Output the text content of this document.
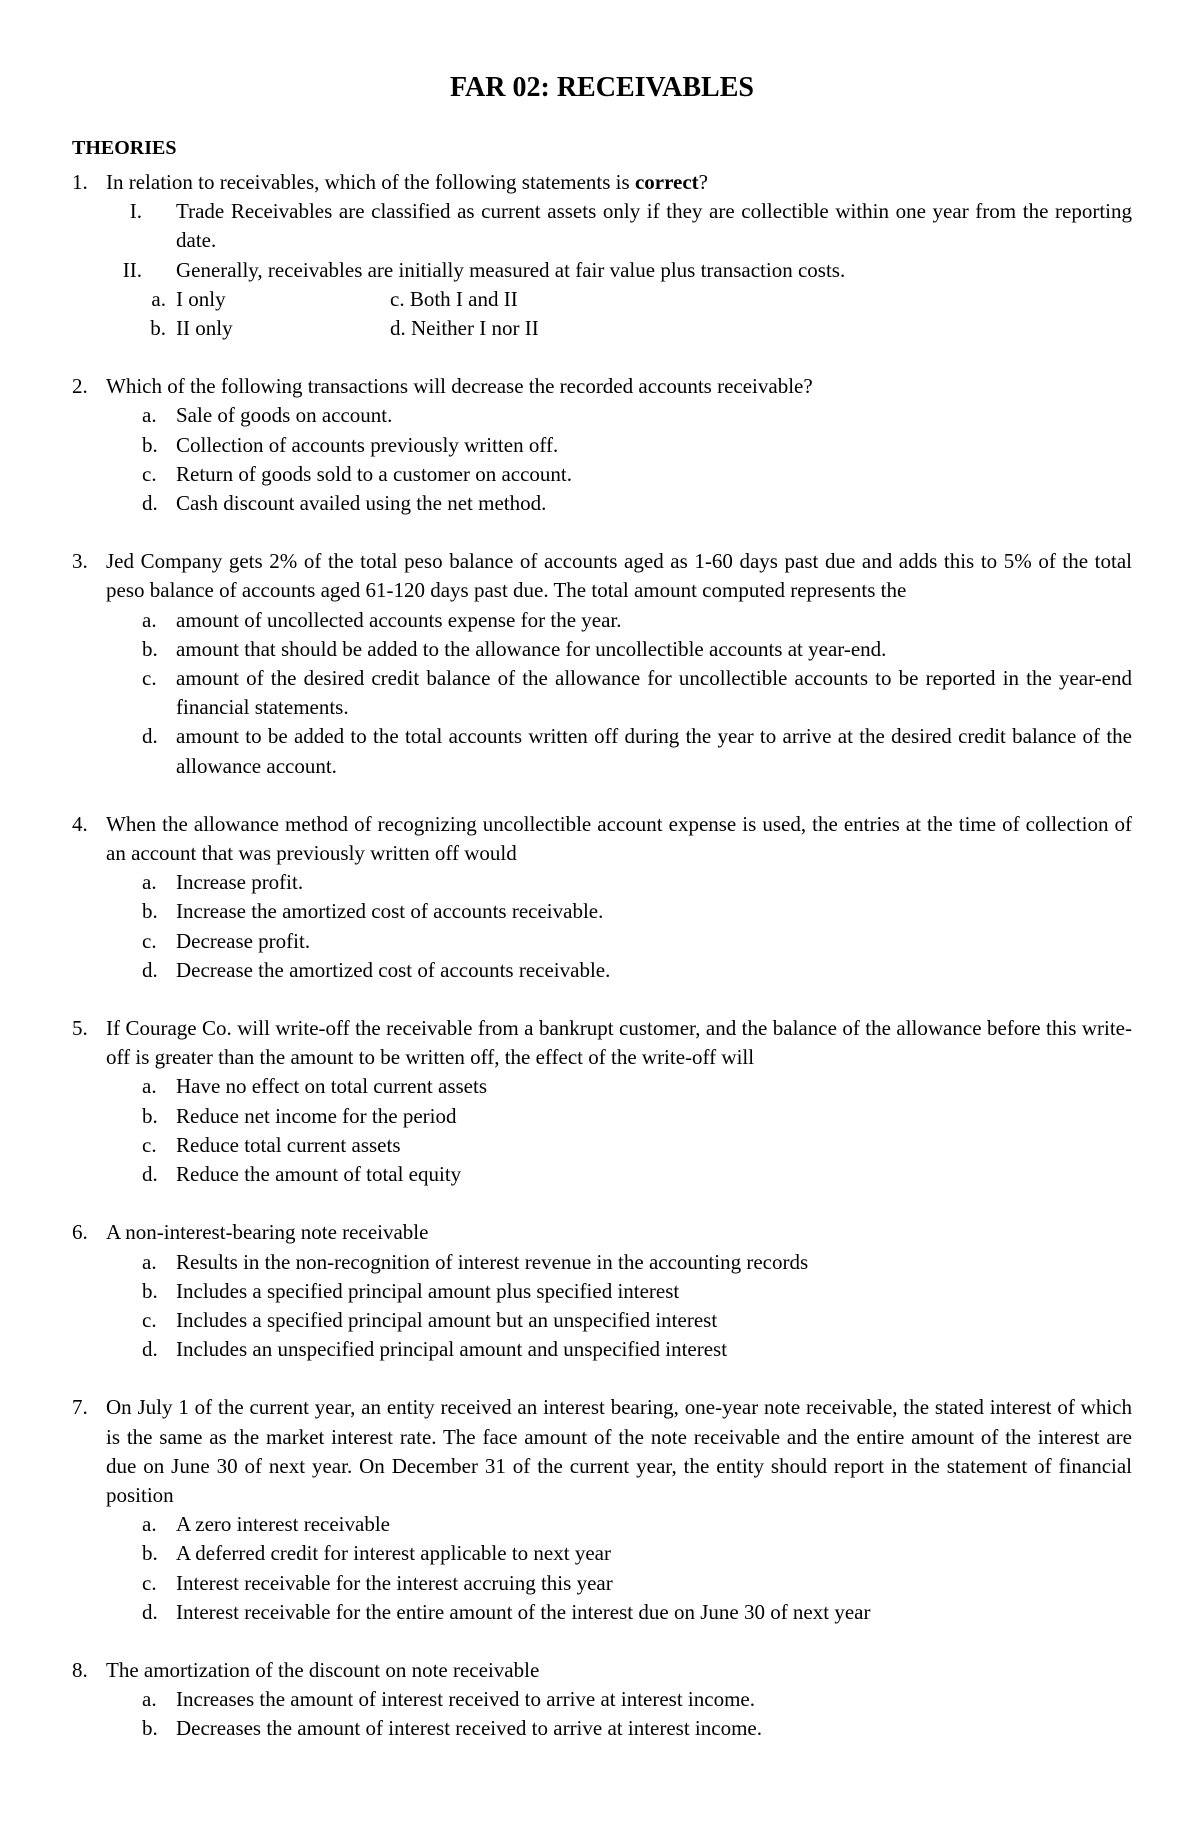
FAR 02: RECEIVABLES
THEORIES
1. In relation to receivables, which of the following statements is correct?
I.	Trade Receivables are classified as current assets only if they are collectible within one year from the reporting date.
II.	Generally, receivables are initially measured at fair value plus transaction costs.
a. I only	c. Both I and II
b. II only	d. Neither I nor II
2. Which of the following transactions will decrease the recorded accounts receivable?
a. Sale of goods on account.
b. Collection of accounts previously written off.
c. Return of goods sold to a customer on account.
d. Cash discount availed using the net method.
3. Jed Company gets 2% of the total peso balance of accounts aged as 1-60 days past due and adds this to 5% of the total peso balance of accounts aged 61-120 days past due. The total amount computed represents the
a. amount of uncollected accounts expense for the year.
b. amount that should be added to the allowance for uncollectible accounts at year-end.
c. amount of the desired credit balance of the allowance for uncollectible accounts to be reported in the year-end financial statements.
d. amount to be added to the total accounts written off during the year to arrive at the desired credit balance of the allowance account.
4. When the allowance method of recognizing uncollectible account expense is used, the entries at the time of collection of an account that was previously written off would
a. Increase profit.
b. Increase the amortized cost of accounts receivable.
c. Decrease profit.
d. Decrease the amortized cost of accounts receivable.
5. If Courage Co. will write-off the receivable from a bankrupt customer, and the balance of the allowance before this write-off is greater than the amount to be written off, the effect of the write-off will
a. Have no effect on total current assets
b. Reduce net income for the period
c. Reduce total current assets
d. Reduce the amount of total equity
6. A non-interest-bearing note receivable
a. Results in the non-recognition of interest revenue in the accounting records
b. Includes a specified principal amount plus specified interest
c. Includes a specified principal amount but an unspecified interest
d. Includes an unspecified principal amount and unspecified interest
7. On July 1 of the current year, an entity received an interest bearing, one-year note receivable, the stated interest of which is the same as the market interest rate. The face amount of the note receivable and the entire amount of the interest are due on June 30 of next year. On December 31 of the current year, the entity should report in the statement of financial position
a. A zero interest receivable
b. A deferred credit for interest applicable to next year
c. Interest receivable for the interest accruing this year
d. Interest receivable for the entire amount of the interest due on June 30 of next year
8. The amortization of the discount on note receivable
a. Increases the amount of interest received to arrive at interest income.
b. Decreases the amount of interest received to arrive at interest income.
